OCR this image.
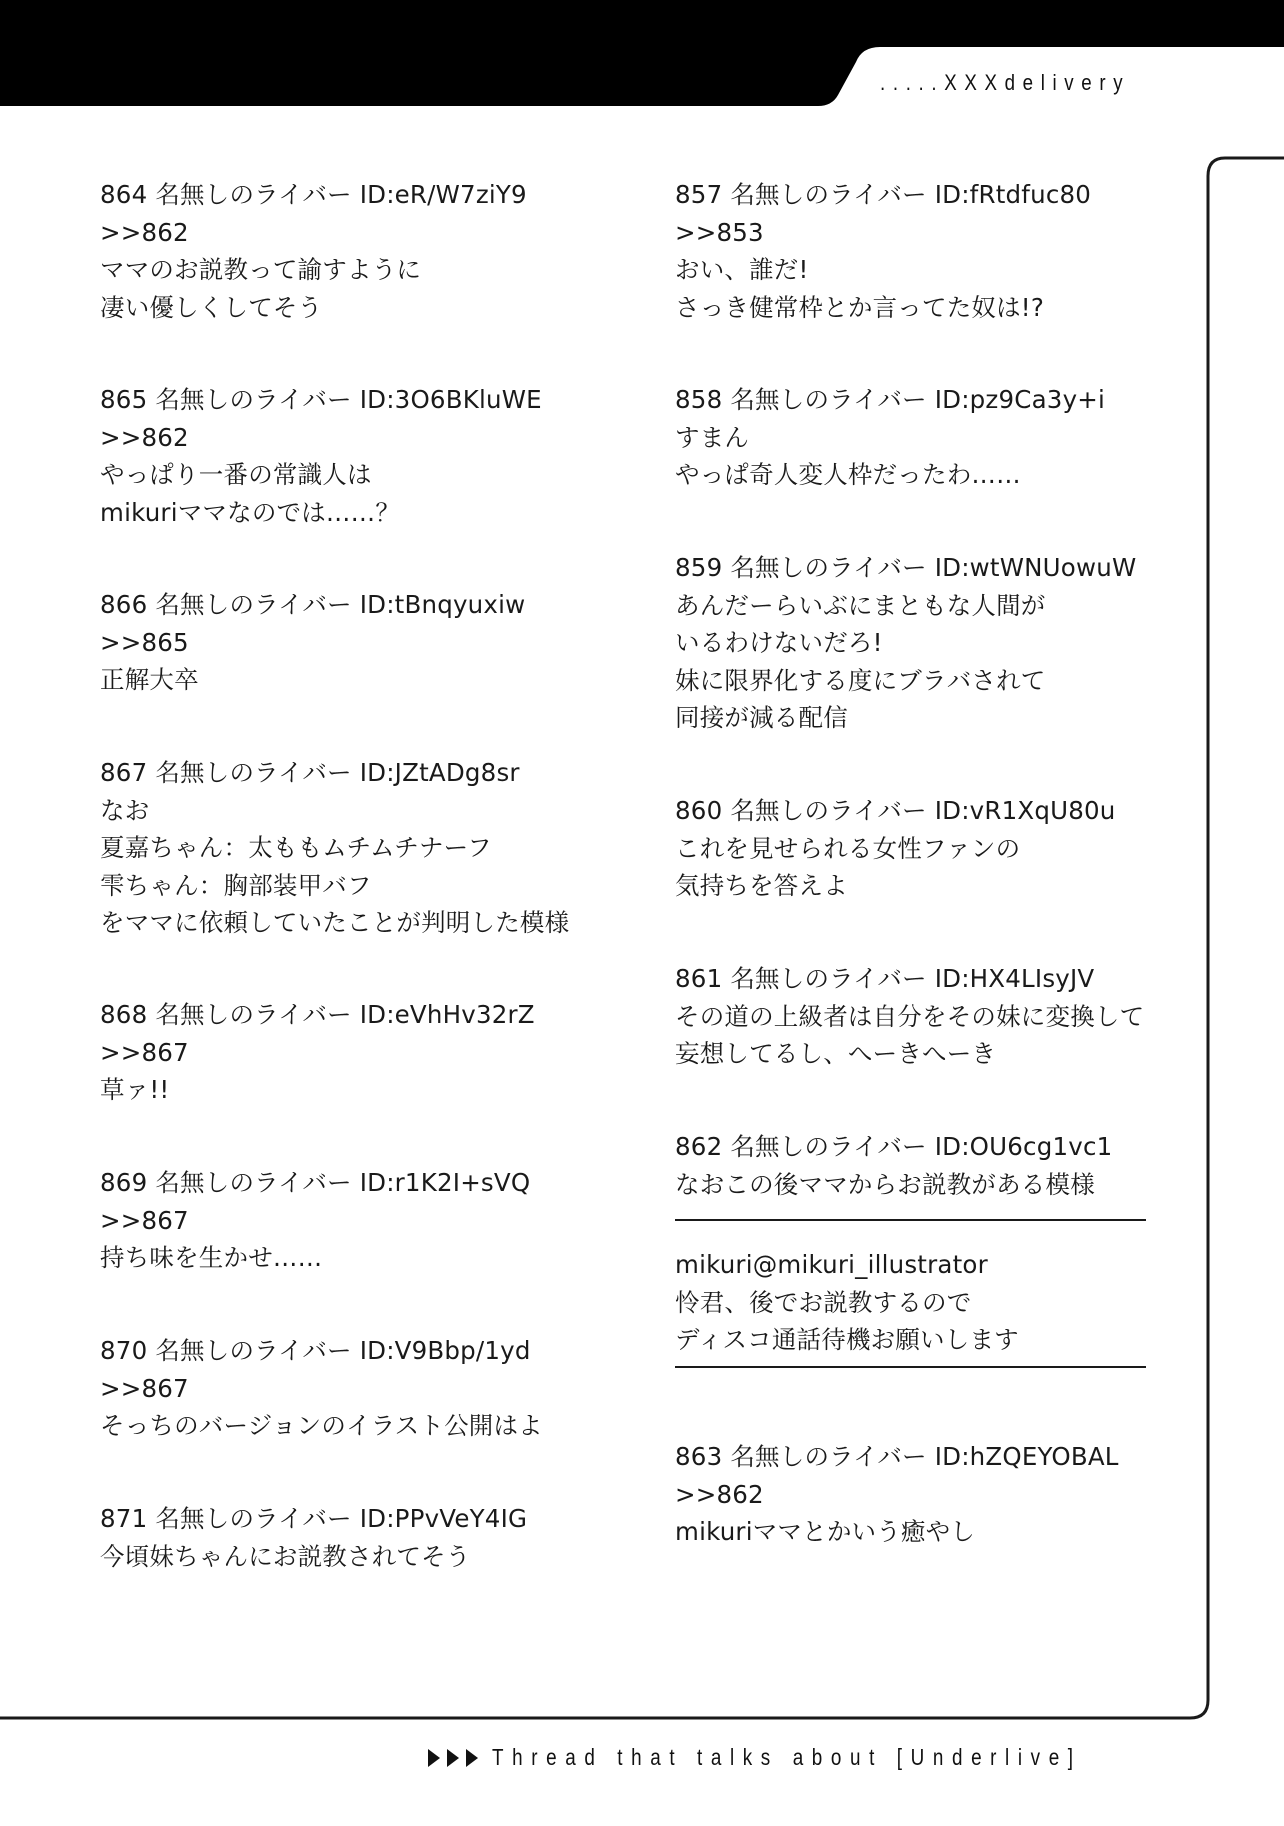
.....XXXdelivery
864 名無しのライバー ID:eR/W7ziY9
>>862
ママのお説教って諭すように
凄い優しくしてそう
865 名無しのライバー ID:3O6BKluWE
>>862
やっぱり一番の常識人は
mikuriママなのでは……？
866 名無しのライバー ID:tBnqyuxiw
>>865
正解大卒
867 名無しのライバー ID:JZtADg8sr
なお
夏嘉ちゃん：太ももムチムチナーフ
雫ちゃん：胸部装甲バフ
をママに依頼していたことが判明した模様
868 名無しのライバー ID:eVhHv32rZ
>>867
草ァ!!
869 名無しのライバー ID:r1K2I+sVQ
>>867
持ち味を生かせ……
870 名無しのライバー ID:V9Bbp/1yd
>>867
そっちのバージョンのイラスト公開はよ
871 名無しのライバー ID:PPvVeY4IG
今頃妹ちゃんにお説教されてそう
857 名無しのライバー ID:fRtdfuc80
>>853
おい、誰だ!
さっき健常枠とか言ってた奴は!?
858 名無しのライバー ID:pz9Ca3y+i
すまん
やっぱ奇人変人枠だったわ……
859 名無しのライバー ID:wtWNUowuW
あんだーらいぶにまともな人間が
いるわけないだろ!
妹に限界化する度にブラバされて
同接が減る配信
860 名無しのライバー ID:vR1XqU80u
これを見せられる女性ファンの
気持ちを答えよ
861 名無しのライバー ID:HX4LIsyJV
その道の上級者は自分をその妹に変換して
妄想してるし、へーきへーき
862 名無しのライバー ID:OU6cg1vc1
なおこの後ママからお説教がある模様
mikuri@mikuri_illustrator
怜君、後でお説教するので
ディスコ通話待機お願いします
863 名無しのライバー ID:hZQEYOBAL
>>862
mikuriママとかいう癒やし
Thread that talks about [Underlive]
